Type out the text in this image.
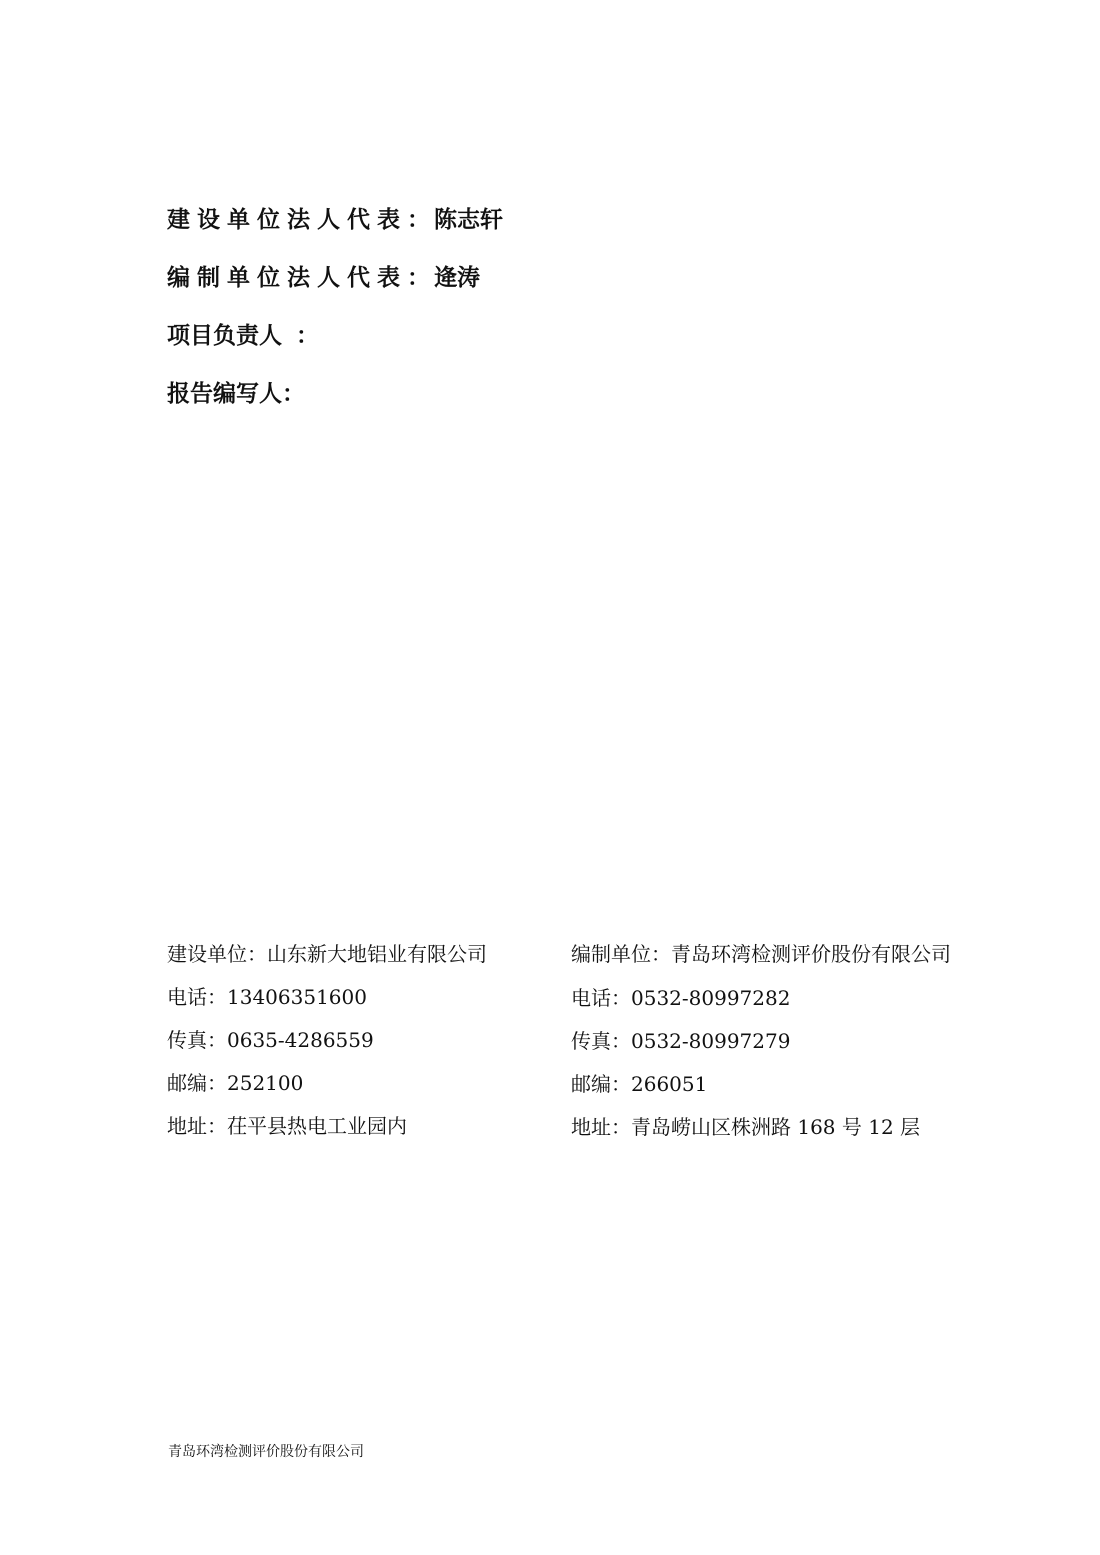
建设单位法人代表： 陈志轩
编制单位法人代表： 逄涛
项目负责人 ：
报告编写人：
建设单位：山东新大地铝业有限公司
电话：13406351600
传真：0635-4286559
邮编：252100
地址：茌平县热电工业园内
编制单位：青岛环湾检测评价股份有限公司
电话：0532-80997282
传真：0532-80997279
邮编：266051
地址：青岛崂山区株洲路 168 号 12 层
青岛环湾检测评价股份有限公司
